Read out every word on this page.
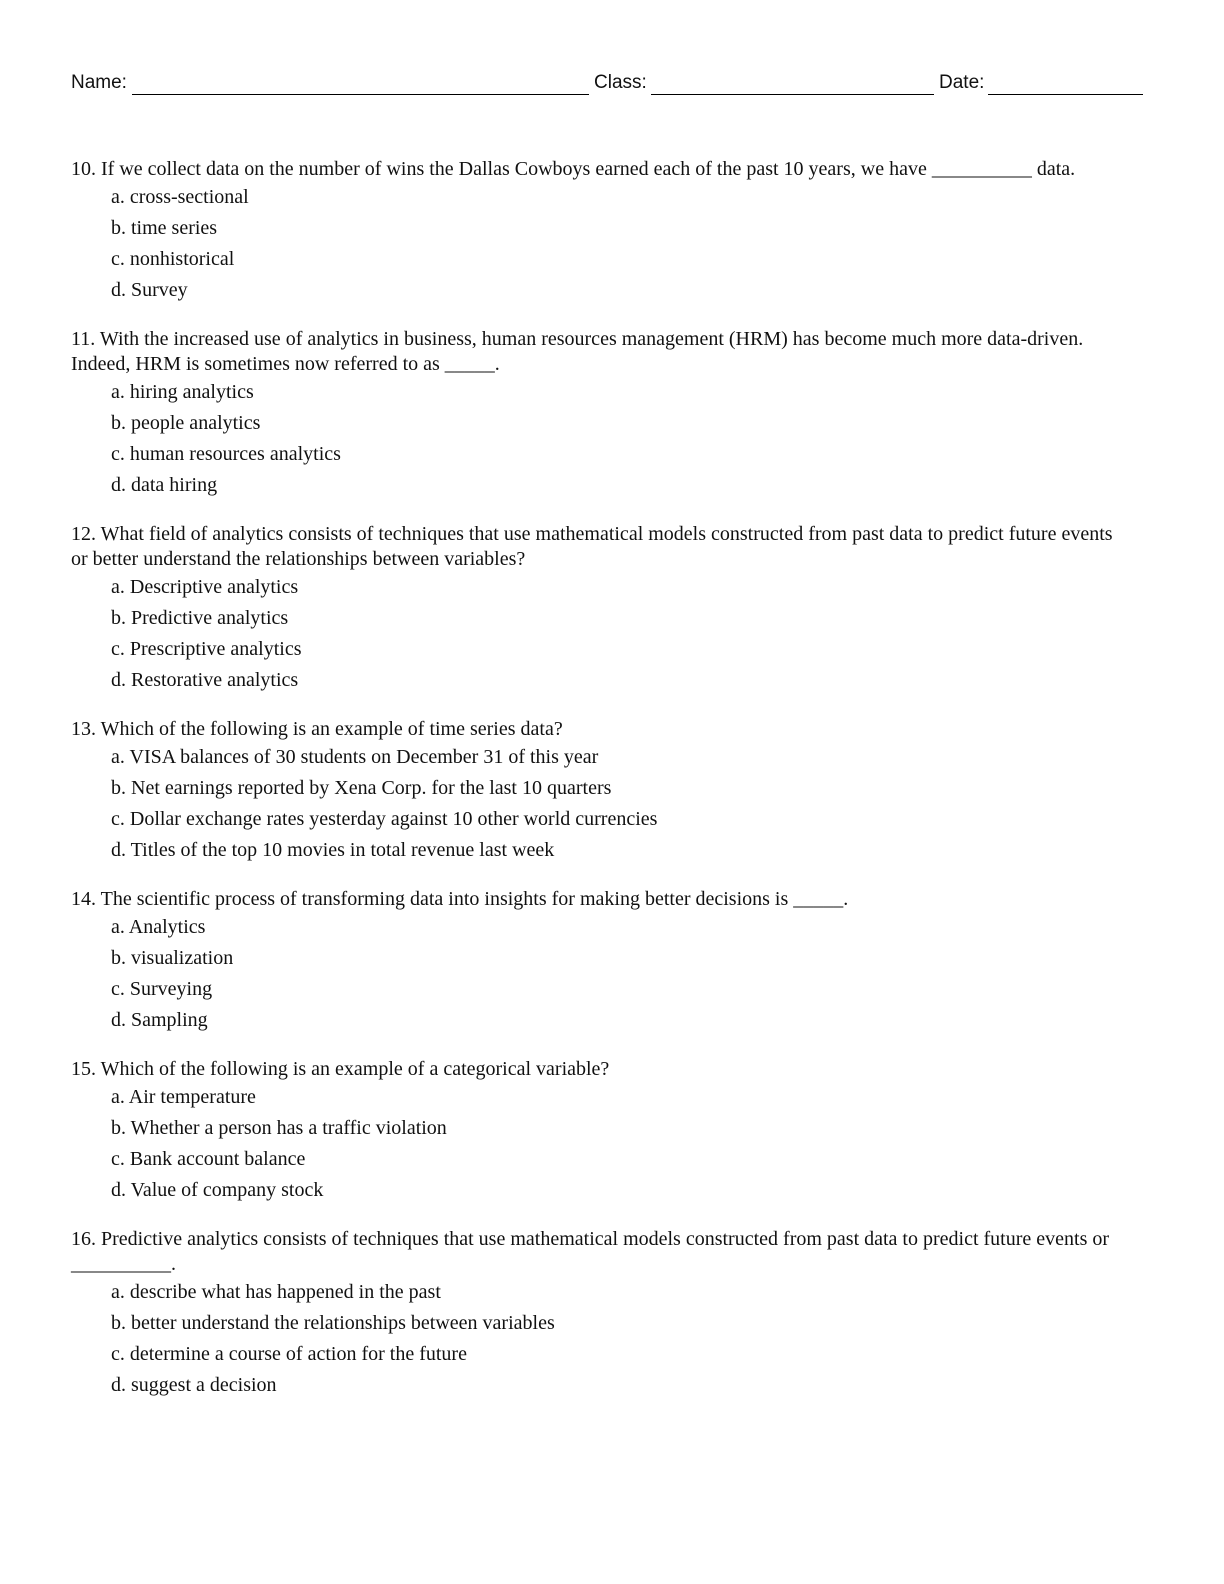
Name:	Class:	Date:
10. If we collect data on the number of wins the Dallas Cowboys earned each of the past 10 years, we have __________ data.
a. cross-sectional
b. time series
c. nonhistorical
d. Survey
11. With the increased use of analytics in business, human resources management (HRM) has become much more data-driven. Indeed, HRM is sometimes now referred to as _____.
a. hiring analytics
b. people analytics
c. human resources analytics
d. data hiring
12. What field of analytics consists of techniques that use mathematical models constructed from past data to predict future events or better understand the relationships between variables?
a. Descriptive analytics
b. Predictive analytics
c. Prescriptive analytics
d. Restorative analytics
13. Which of the following is an example of time series data?
a. VISA balances of 30 students on December 31 of this year
b. Net earnings reported by Xena Corp. for the last 10 quarters
c. Dollar exchange rates yesterday against 10 other world currencies
d. Titles of the top 10 movies in total revenue last week
14. The scientific process of transforming data into insights for making better decisions is _____.
a. Analytics
b. visualization
c. Surveying
d. Sampling
15. Which of the following is an example of a categorical variable?
a. Air temperature
b. Whether a person has a traffic violation
c. Bank account balance
d. Value of company stock
16. Predictive analytics consists of techniques that use mathematical models constructed from past data to predict future events or __________.
a. describe what has happened in the past
b. better understand the relationships between variables
c. determine a course of action for the future
d. suggest a decision
